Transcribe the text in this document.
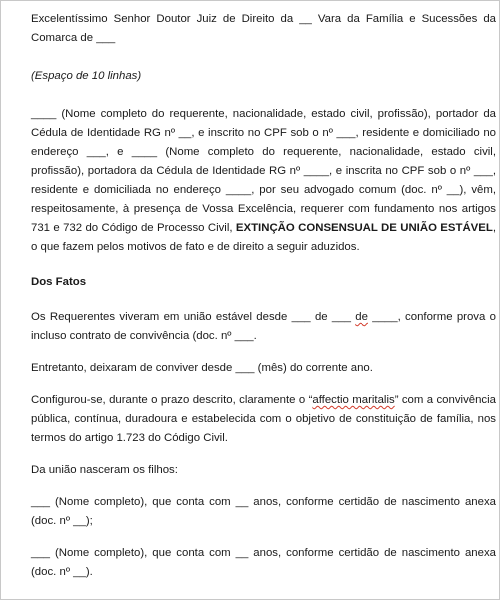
Excelentíssimo Senhor Doutor Juiz de Direito da __ Vara da Família e Sucessões da Comarca de ___

(Espaço de 10 linhas)

____ (Nome completo do requerente, nacionalidade, estado civil, profissão), portador da Cédula de Identidade RG nº __, e inscrito no CPF sob o nº ___, residente e domiciliado no endereço ___, e ____ (Nome completo do requerente, nacionalidade, estado civil, profissão), portadora da Cédula de Identidade RG nº ____, e inscrita no CPF sob o nº ___, residente e domiciliada no endereço ____, por seu advogado comum (doc. nº __), vêm, respeitosamente, à presença de Vossa Excelência, requerer com fundamento nos artigos 731 e 732 do Código de Processo Civil, EXTINÇÃO CONSENSUAL DE UNIÃO ESTÁVEL, o que fazem pelos motivos de fato e de direito a seguir aduzidos.

Dos Fatos

Os Requerentes viveram em união estável desde ___ de ___ de ____, conforme prova o incluso contrato de convivência (doc. nº ___.

Entretanto, deixaram de conviver desde ___ (mês) do corrente ano.

Configurou-se, durante o prazo descrito, claramente o “affectio maritalis” com a convivência pública, contínua, duradoura e estabelecida com o objetivo de constituição de família, nos termos do artigo 1.723 do Código Civil.

Da união nasceram os filhos:

___ (Nome completo), que conta com __ anos, conforme certidão de nascimento anexa (doc. nº __);

___ (Nome completo), que conta com __ anos, conforme certidão de nascimento anexa (doc. nº __).
